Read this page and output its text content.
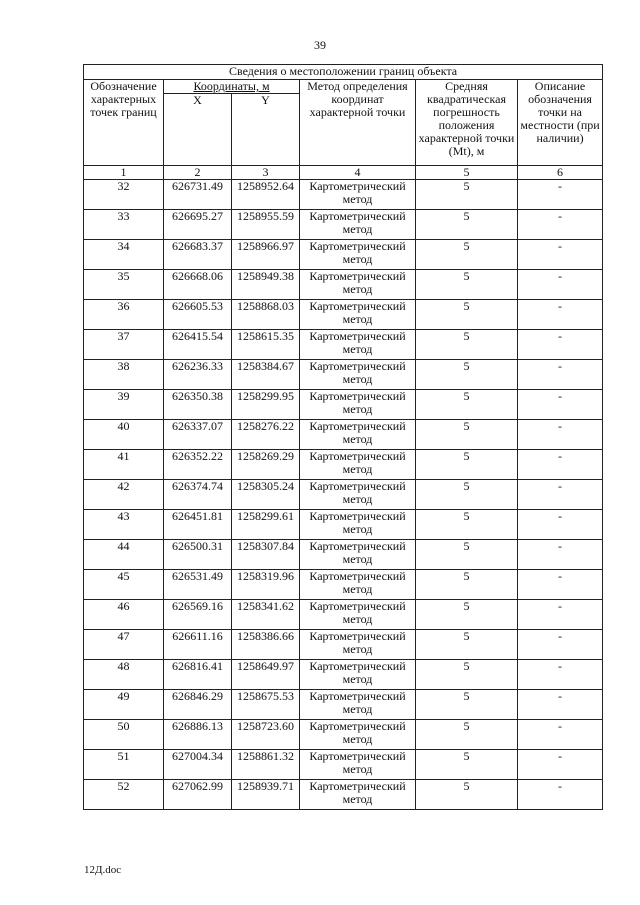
39
Сведения о местоположении границ объекта					
Обозначение характерных точек границ	Координаты, м		Метод определения координат характерной точки	Средняя квадратическая погрешность положения характерной точки (Mt), м	Описание обозначения точки на местности (при наличии)
	X	Y			
1	2	3	4	5	6
32	626731.49	1258952.64	Картометрический метод	5	-
33	626695.27	1258955.59	Картометрический метод	5	-
34	626683.37	1258966.97	Картометрический метод	5	-
35	626668.06	1258949.38	Картометрический метод	5	-
36	626605.53	1258868.03	Картометрический метод	5	-
37	626415.54	1258615.35	Картометрический метод	5	-
38	626236.33	1258384.67	Картометрический метод	5	-
39	626350.38	1258299.95	Картометрический метод	5	-
40	626337.07	1258276.22	Картометрический метод	5	-
41	626352.22	1258269.29	Картометрический метод	5	-
42	626374.74	1258305.24	Картометрический метод	5	-
43	626451.81	1258299.61	Картометрический метод	5	-
44	626500.31	1258307.84	Картометрический метод	5	-
45	626531.49	1258319.96	Картометрический метод	5	-
46	626569.16	1258341.62	Картометрический метод	5	-
47	626611.16	1258386.66	Картометрический метод	5	-
48	626816.41	1258649.97	Картометрический метод	5	-
49	626846.29	1258675.53	Картометрический метод	5	-
50	626886.13	1258723.60	Картометрический метод	5	-
51	627004.34	1258861.32	Картометрический метод	5	-
52	627062.99	1258939.71	Картометрический метод	5	-
12Д.doc
